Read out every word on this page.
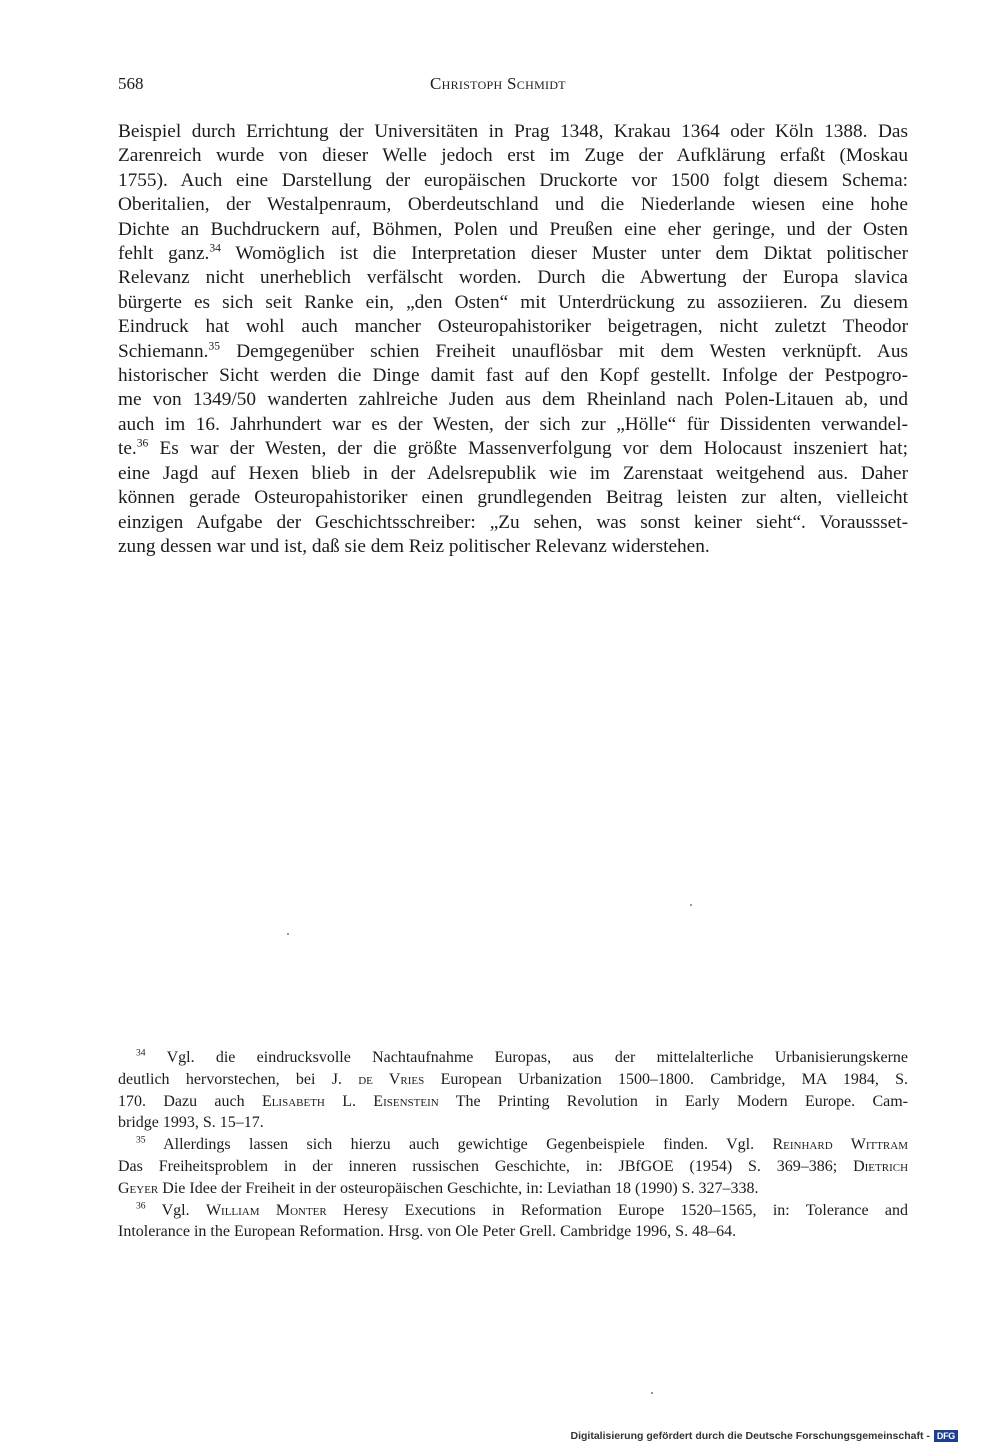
568	Christoph Schmidt
Beispiel durch Errichtung der Universitäten in Prag 1348, Krakau 1364 oder Köln 1388. Das
Zarenreich wurde von dieser Welle jedoch erst im Zuge der Aufklärung erfaßt (Moskau
1755). Auch eine Darstellung der europäischen Druckorte vor 1500 folgt diesem Schema:
Oberitalien, der Westalpenraum, Oberdeutschland und die Niederlande wiesen eine hohe
Dichte an Buchdruckern auf, Böhmen, Polen und Preußen eine eher geringe, und der Osten
fehlt ganz.$^{34}$ Womöglich ist die Interpretation dieser Muster unter dem Diktat politischer
Relevanz nicht unerheblich verfälscht worden. Durch die Abwertung der Europa slavica
bürgerte es sich seit Ranke ein, „den Osten“ mit Unterdrückung zu assoziieren. Zu diesem
Eindruck hat wohl auch mancher Osteuropahistoriker beigetragen, nicht zuletzt Theodor
Schiemann.$^{35}$ Demgegenüber schien Freiheit unauflösbar mit dem Westen verknüpft. Aus
historischer Sicht werden die Dinge damit fast auf den Kopf gestellt. Infolge der Pestpogro-
me von 1349/50 wanderten zahlreiche Juden aus dem Rheinland nach Polen-Litauen ab, und
auch im 16. Jahrhundert war es der Westen, der sich zur „Hölle“ für Dissidenten verwandel-
te.$^{36}$ Es war der Westen, der die größte Massenverfolgung vor dem Holocaust inszeniert hat;
eine Jagd auf Hexen blieb in der Adelsrepublik wie im Zarenstaat weitgehend aus. Daher
können gerade Osteuropahistoriker einen grundlegenden Beitrag leisten zur alten, vielleicht
einzigen Aufgabe der Geschichtsschreiber: „Zu sehen, was sonst keiner sieht“. Voraussset-
zung dessen war und ist, daß sie dem Reiz politischer Relevanz widerstehen.
$^{34}$ Vgl. die eindrucksvolle Nachtaufnahme Europas, aus der mittelalterliche Urbanisierungskerne
deutlich hervorstechen, bei J. de Vries European Urbanization 1500–1800. Cambridge, MA 1984, S.
170. Dazu auch Elisabeth L. Eisenstein The Printing Revolution in Early Modern Europe. Cam-
bridge 1993, S. 15–17.
$^{35}$ Allerdings lassen sich hierzu auch gewichtige Gegenbeispiele finden. Vgl. Reinhard Wittram
Das Freiheitsproblem in der inneren russischen Geschichte, in: JBfGOE (1954) S. 369–386; Dietrich
Geyer Die Idee der Freiheit in der osteuropäischen Geschichte, in: Leviathan 18 (1990) S. 327–338.
$^{36}$ Vgl. William Monter Heresy Executions in Reformation Europe 1520–1565, in: Tolerance and
Intolerance in the European Reformation. Hrsg. von Ole Peter Grell. Cambridge 1996, S. 48–64.
Digitalisierung gefördert durch die Deutsche Forschungsgemeinschaft - DFG
